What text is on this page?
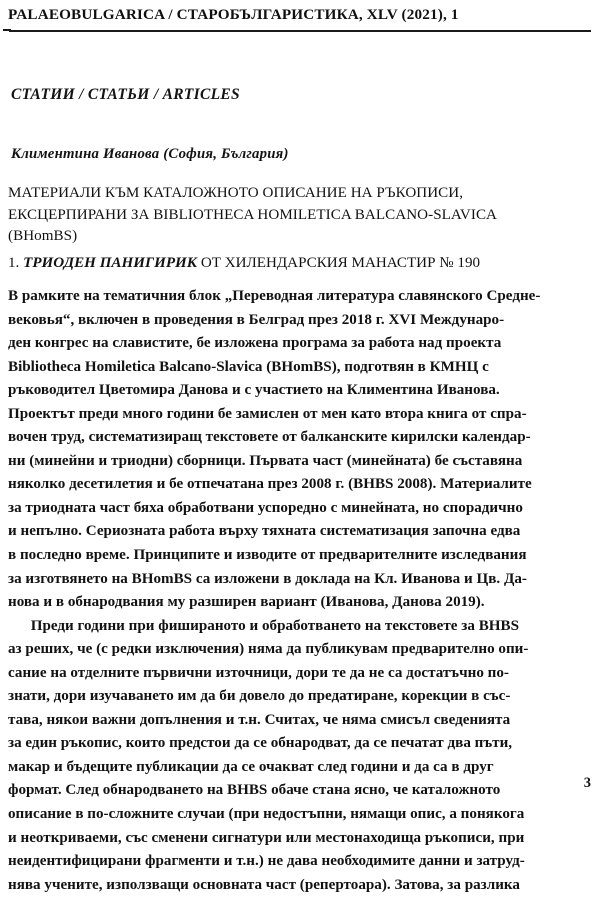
PALAEOBULGARICA / СТАРОБЪЛГАРИСТИКА, XLV (2021), 1
СТАТИИ / СТАТЬИ / ARTICLES
Климентина Иванова (София, България)
МАТЕРИАЛИ КЪМ КАТАЛОЖНОТО ОПИСАНИЕ НА РЪКОПИСИ,
ЕКСЦЕРПИРАНИ ЗА BIBLIOTHECA HOMILETICA BALCANO-SLAVICA
(BHomBS)
1. ТРИОДЕН ПАНИГИРИК ОТ ХИЛЕНДАРСКИЯ МАНАСТИР № 190
В рамките на тематичния блок „Переводная литература славянского Средне-
вековья“, включен в проведения в Белград през 2018 г. XVI Междунаро-
ден конгрес на славистите, бе изложена програма за работа над проекта
Bibliotheca Homiletica Balcano-Slavica (BHomBS), подготвян в КМНЦ с
ръководител Цветомира Данова и с участието на Климентина Иванова.
Проектът преди много години бе замислен от мен като втора книга от спра-
вочен труд, систематизиращ текстовете от балканските кирилски календар-
ни (минейни и триодни) сборници. Първата част (минейната) бе съставяна
няколко десетилетия и бе отпечатана през 2008 г. (BHBS 2008). Материалите
за триодната част бяха обработвани успоредно с минейната, но спорадично
и непълно. Сериозната работа върху тяхната систематизация започна едва
в последно време. Принципите и изводите от предварителните изследвания
за изготвянето на BHomBS са изложени в доклада на Кл. Иванова и Цв. Да-
нова и в обнародвания му разширен вариант (Иванова, Данова 2019).
Преди години при фишираното и обработването на текстовете за BHBS
аз реших, че (с редки изключения) няма да публикувам предварително опи-
сание на отделните първични източници, дори те да не са достатъчно по-
знати, дори изучаването им да би довело до предатиране, корекции в със-
тава, някои важни допълнения и т.н. Считах, че няма смисъл сведенията
за един ръкопис, които предстои да се обнародват, да се печатат два пъти,
макар и бъдещите публикации да се очакват след години и да са в друг
формат. След обнародването на BHBS обаче стана ясно, че каталожното
описание в по-сложните случаи (при недостъпни, нямащи опис, а понякога
и неоткриваеми, със сменени сигнатури или местонаходища ръкописи, при
неидентифицирани фрагменти и т.н.) не дава необходимите данни и затруд-
нява учените, използващи основната част (репертоара). Затова, за разлика
3
